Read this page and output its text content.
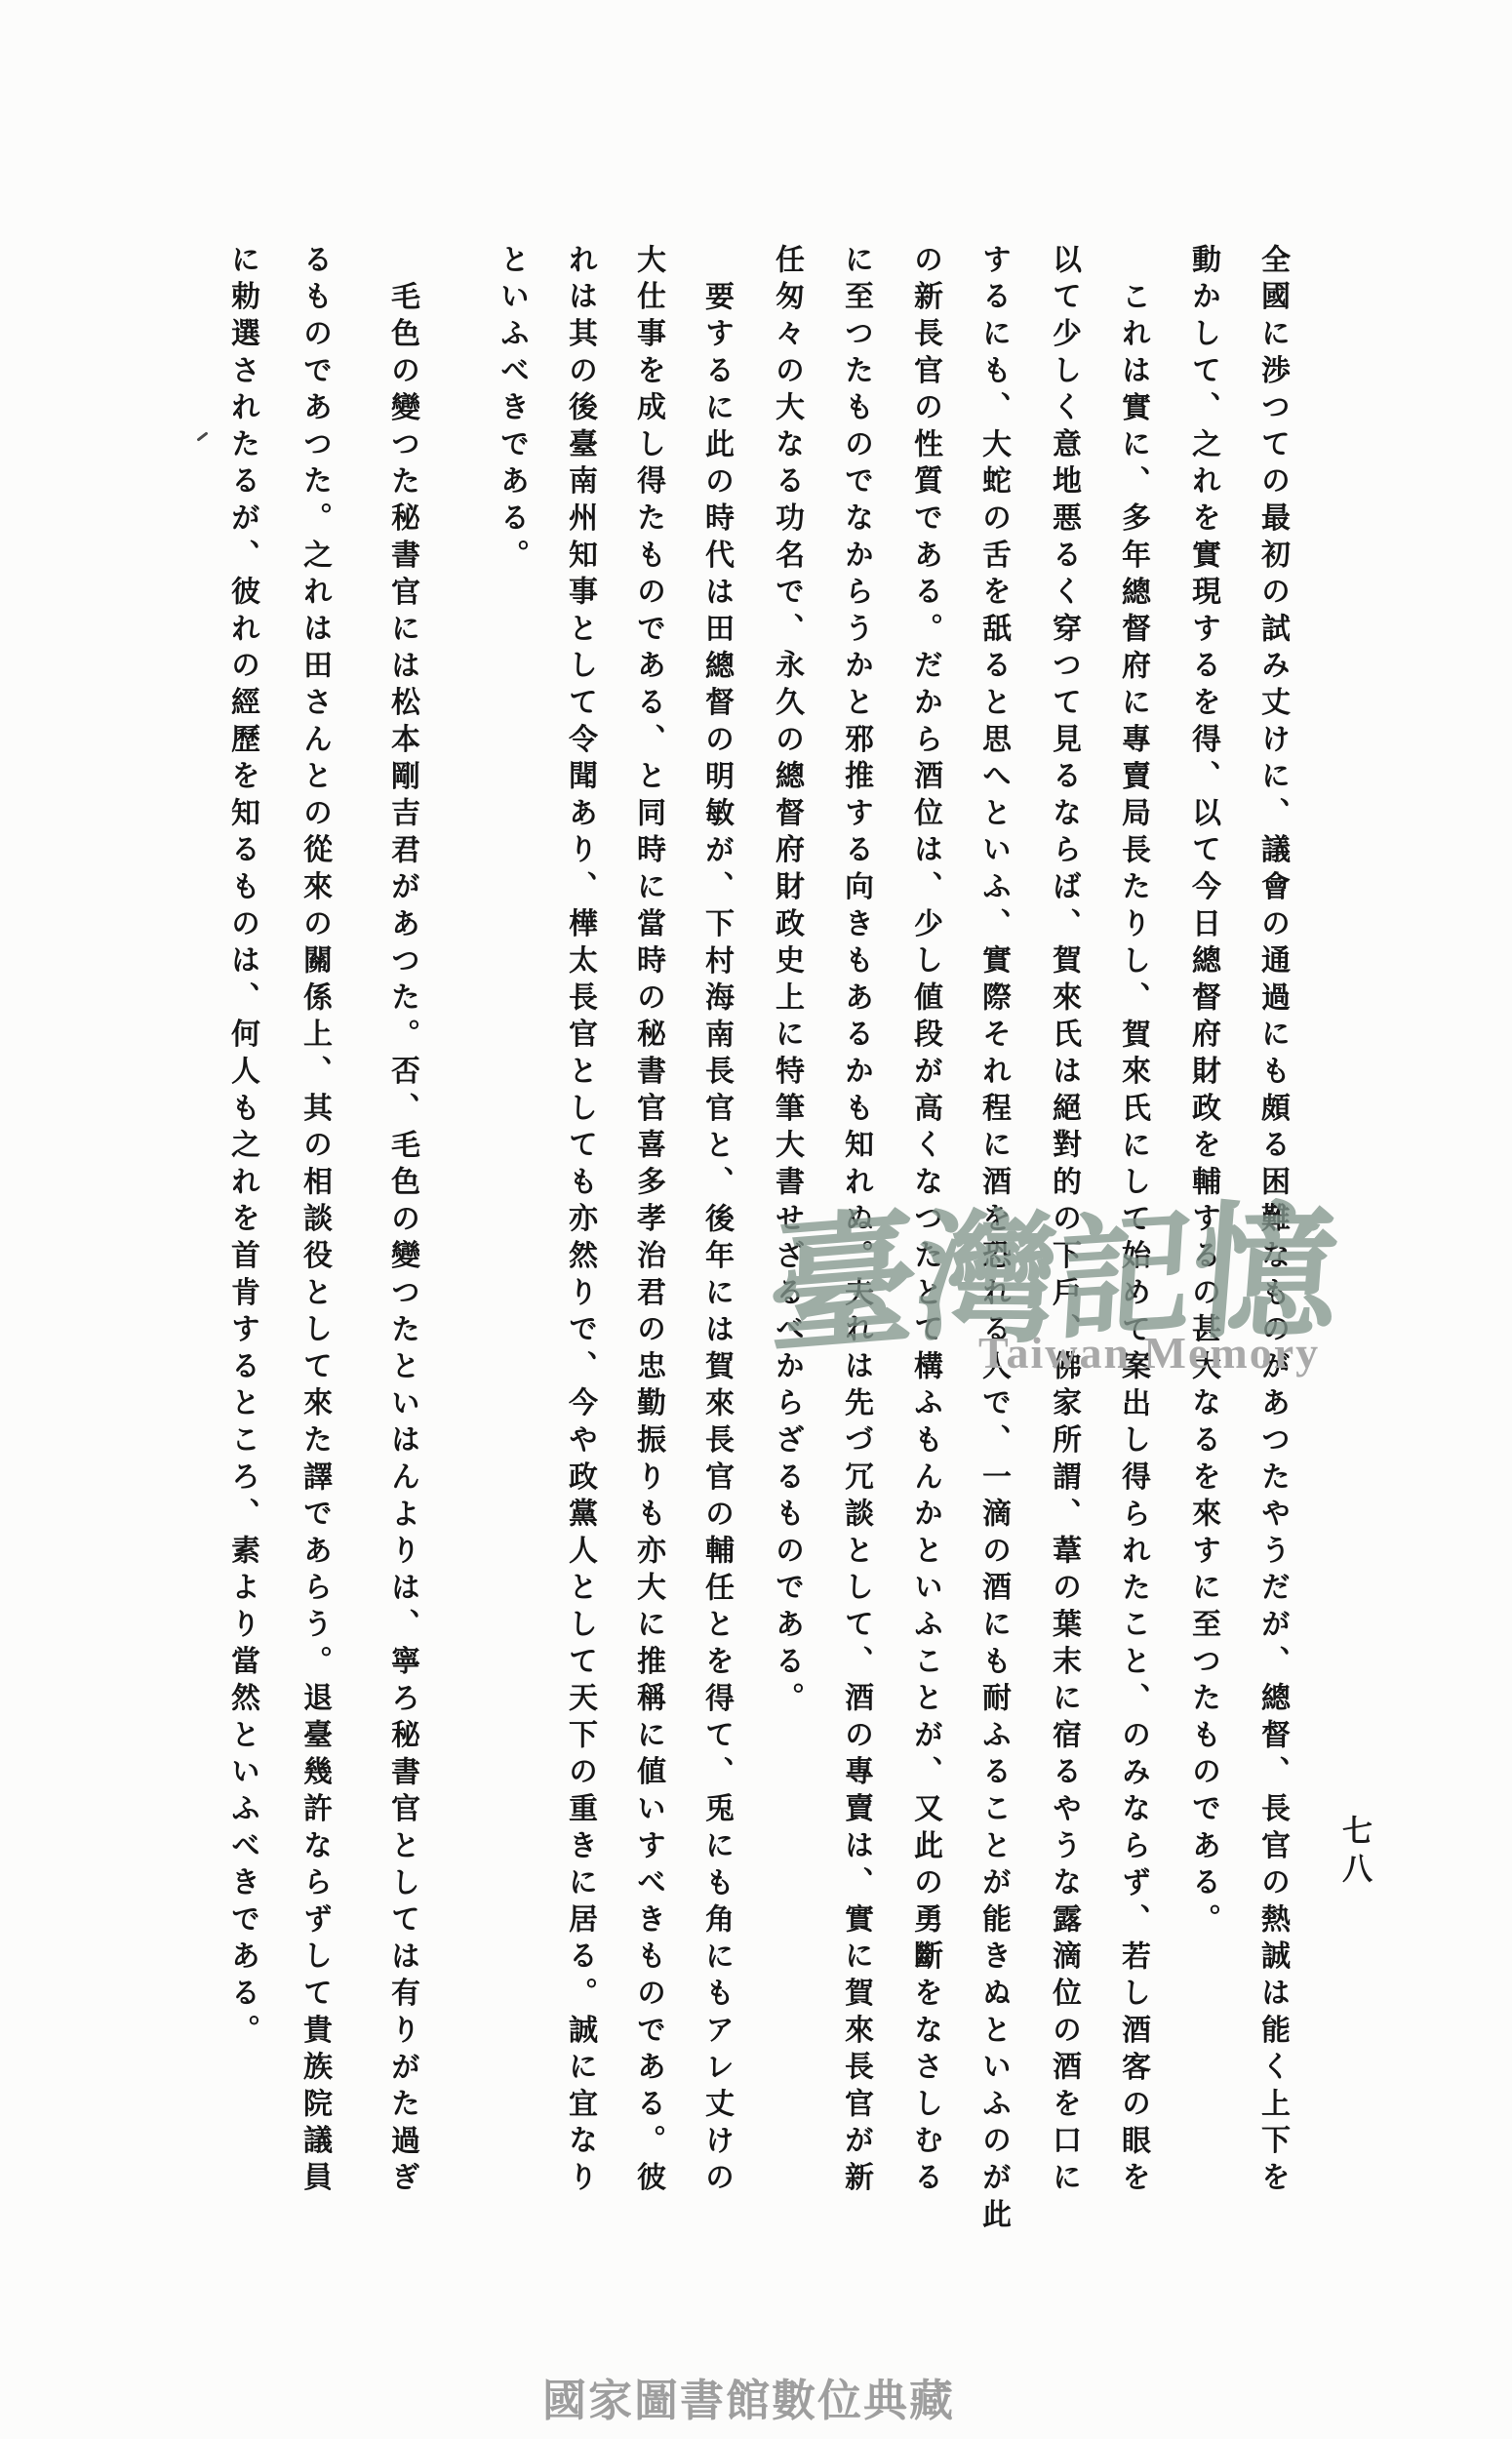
全國に渉つての最初の試み丈けに、議會の通過にも頗る困難なものがあつたやうだが、總督、長官の熱誠は能く上下を
動かして、之れを實現するを得、以て今日總督府財政を輔するの甚大なるを來すに至つたものである。
これは實に、多年總督府に專賣局長たりし、賀來氏にして始めて案出し得られたこと、のみならず、若し酒客の眼を
以て少しく意地悪るく穿つて見るならば、賀來氏は絕對的の下戶、佛家所謂、葦の葉末に宿るやうな露滴位の酒を口に
するにも、大蛇の舌を舐ると思へといふ、實際それ程に酒を恐れる人で、一滴の酒にも耐ふることが能きぬといふのが此
の新長官の性質である。だから酒位は、少し値段が高くなつたとて構ふもんかといふことが、又此の勇斷をなさしむる
に至つたものでなからうかと邪推する向きもあるかも知れぬ。夫れは先づ冗談として、酒の專賣は、實に賀來長官が新
任匆々の大なる功名で、永久の總督府財政史上に特筆大書せざるべからざるものである。
要するに此の時代は田總督の明敏が、下村海南長官と、後年には賀來長官の輔任とを得て、兎にも角にもアレ丈けの
大仕事を成し得たものである、と同時に當時の秘書官喜多孝治君の忠勤振りも亦大に推稱に値いすべきものである。彼
れは其の後臺南州知事として令聞あり、樺太長官としても亦然りで、今や政黨人として天下の重きに居る。誠に宜なり
といふべきである。
毛色の變つた秘書官には松本剛吉君があつた。否、毛色の變つたといはんよりは、寧ろ秘書官としては有りがた過ぎ
るものであつた。之れは田さんとの從來の關係上、其の相談役として來た譯であらう。退臺幾許ならずして貴族院議員
に勅選されたるが、彼れの經歷を知るものは、何人も之れを首肯するところ、素より當然といふべきである。	臺
灣
記
憶
Taiwan Memory
七八
國家圖書館數位典藏
